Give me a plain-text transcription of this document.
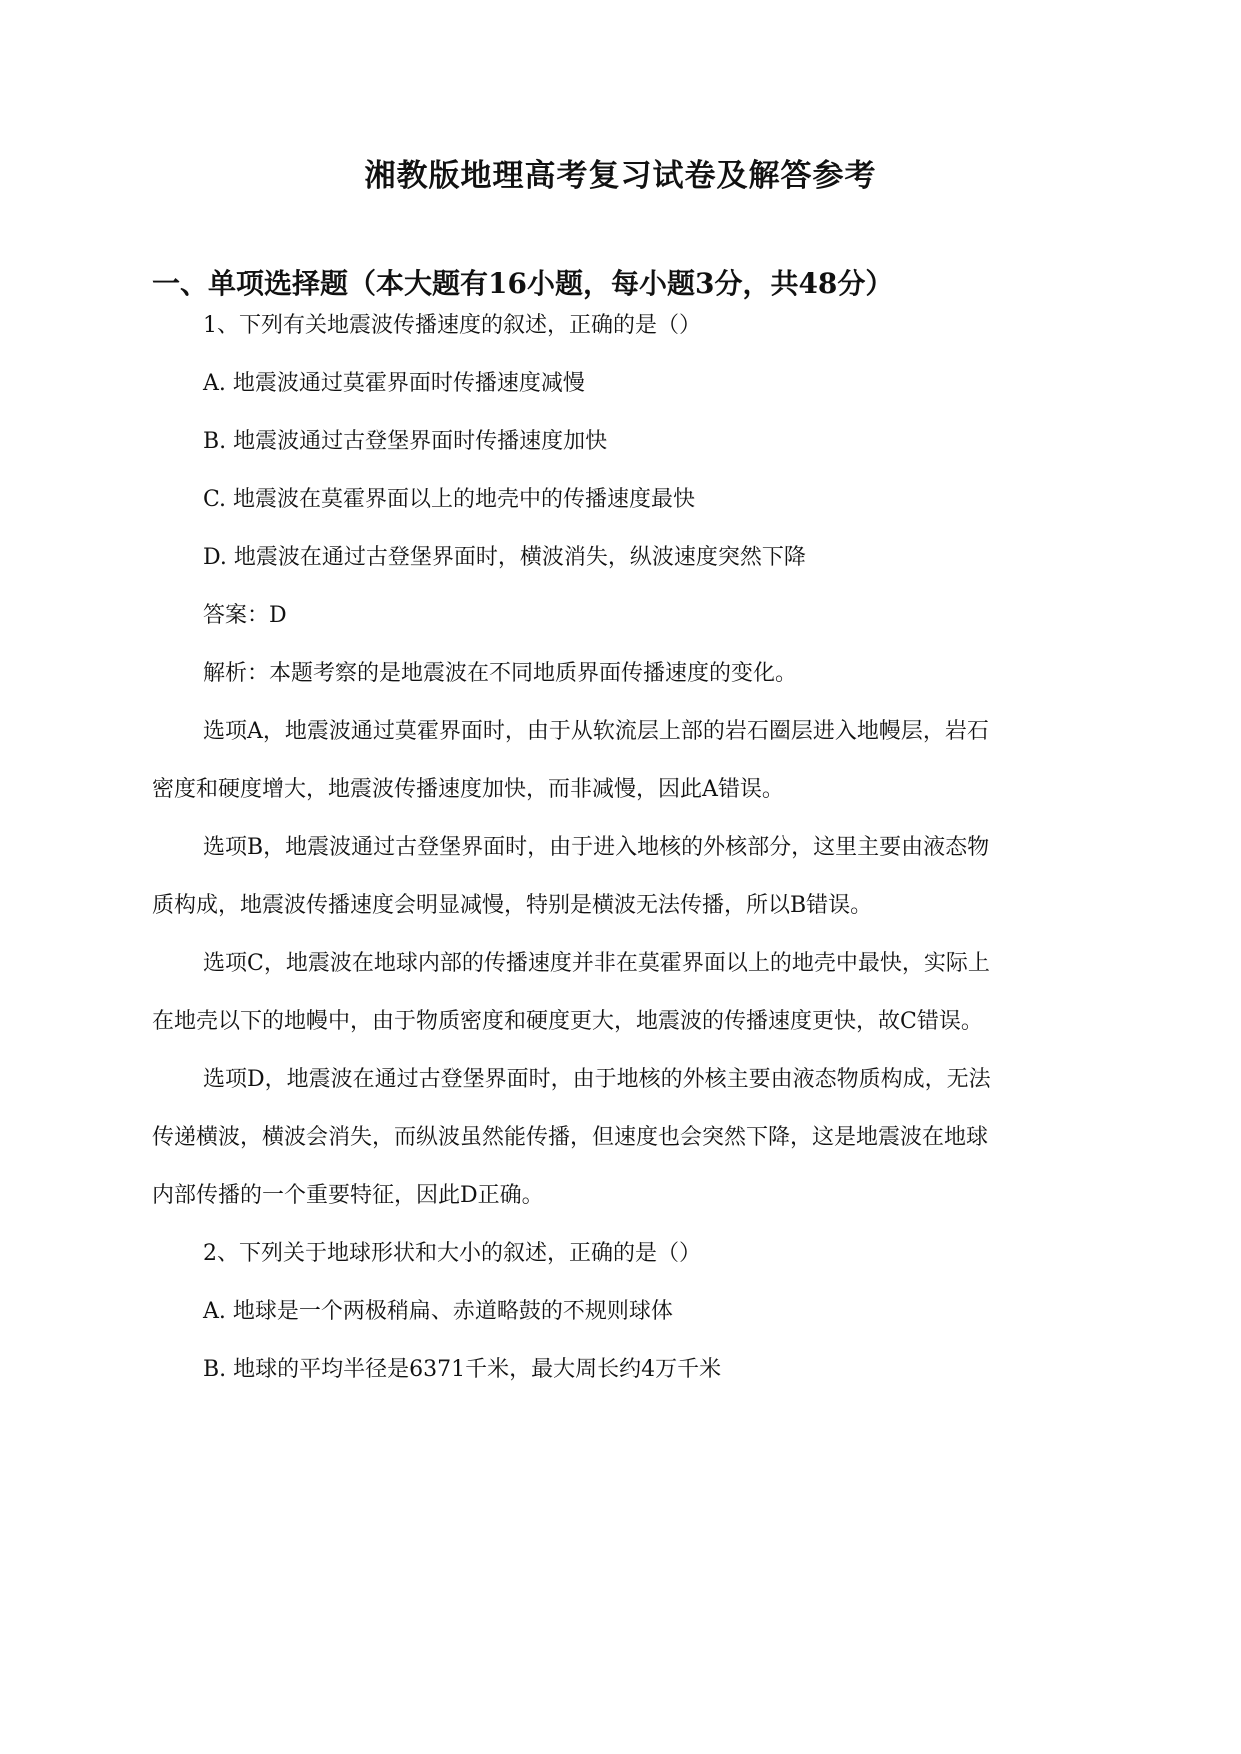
湘教版地理高考复习试卷及解答参考
一、单项选择题（本大题有16小题，每小题3分，共48分）

1、下列有关地震波传播速度的叙述，正确的是（）

A. 地震波通过莫霍界面时传播速度减慢

B. 地震波通过古登堡界面时传播速度加快

C. 地震波在莫霍界面以上的地壳中的传播速度最快

D. 地震波在通过古登堡界面时，横波消失，纵波速度突然下降

答案：D

解析：本题考察的是地震波在不同地质界面传播速度的变化。

选项A，地震波通过莫霍界面时，由于从软流层上部的岩石圈层进入地幔层，岩石

密度和硬度增大，地震波传播速度加快，而非减慢，因此A错误。

选项B，地震波通过古登堡界面时，由于进入地核的外核部分，这里主要由液态物

质构成，地震波传播速度会明显减慢，特别是横波无法传播，所以B错误。

选项C，地震波在地球内部的传播速度并非在莫霍界面以上的地壳中最快，实际上

在地壳以下的地幔中，由于物质密度和硬度更大，地震波的传播速度更快，故C错误。

选项D，地震波在通过古登堡界面时，由于地核的外核主要由液态物质构成，无法

传递横波，横波会消失，而纵波虽然能传播，但速度也会突然下降，这是地震波在地球

内部传播的一个重要特征，因此D正确。

2、下列关于地球形状和大小的叙述，正确的是（）

A. 地球是一个两极稍扁、赤道略鼓的不规则球体

B. 地球的平均半径是6371千米，最大周长约4万千米
